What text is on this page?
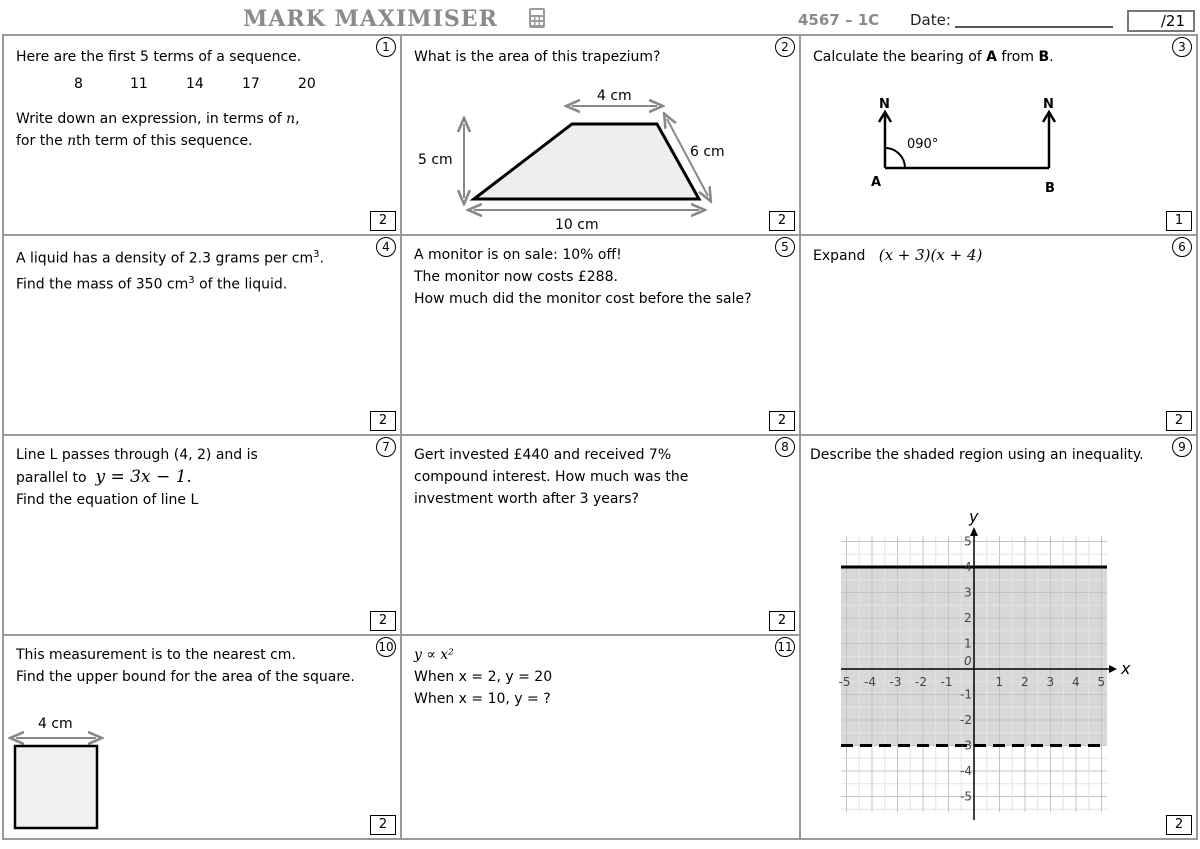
MARK MAXIMISER	4567 – 1C Date:	/21
Here are the first 5 terms of a sequence.
8	11	14	17	20
Write down an expression, in terms of n,
for the nth term of this sequence.
1
2
What is the area of this trapezium?
4 cm
5 cm	6 cm
10 cm
2
2
Calculate the bearing of A from B.
N	N
090°
A	B
3
1
A liquid has a density of 2.3 grams per $cm^3$.
Find the mass of 350 $cm^3$ of the liquid.
4
2
A monitor is on sale: 10% off!
The monitor now costs £288.
How much did the monitor cost before the sale?
5
2
Expand (x + 3)(x + 4)	6
2
Line L passes through (4, 2) and is
parallel to y = 3x − 1.
Find the equation of line L
7
2
Gert invested £440 and received 7%
compound interest. How much was the
investment worth after 3 years?
8
2
Describe the shaded region using an inequality.
-5 -4 -3 -2 -1	1 2 3 4 5
5
4
3
2
1
-1
-2
-3
-4
-5
0	x
y
9
2
This measurement is to the nearest cm.
Find the upper bound for the area of the square.
4 cm
10
2
y ∝ x²
When x = 2, y = 20
When x = 10, y = ?
11
